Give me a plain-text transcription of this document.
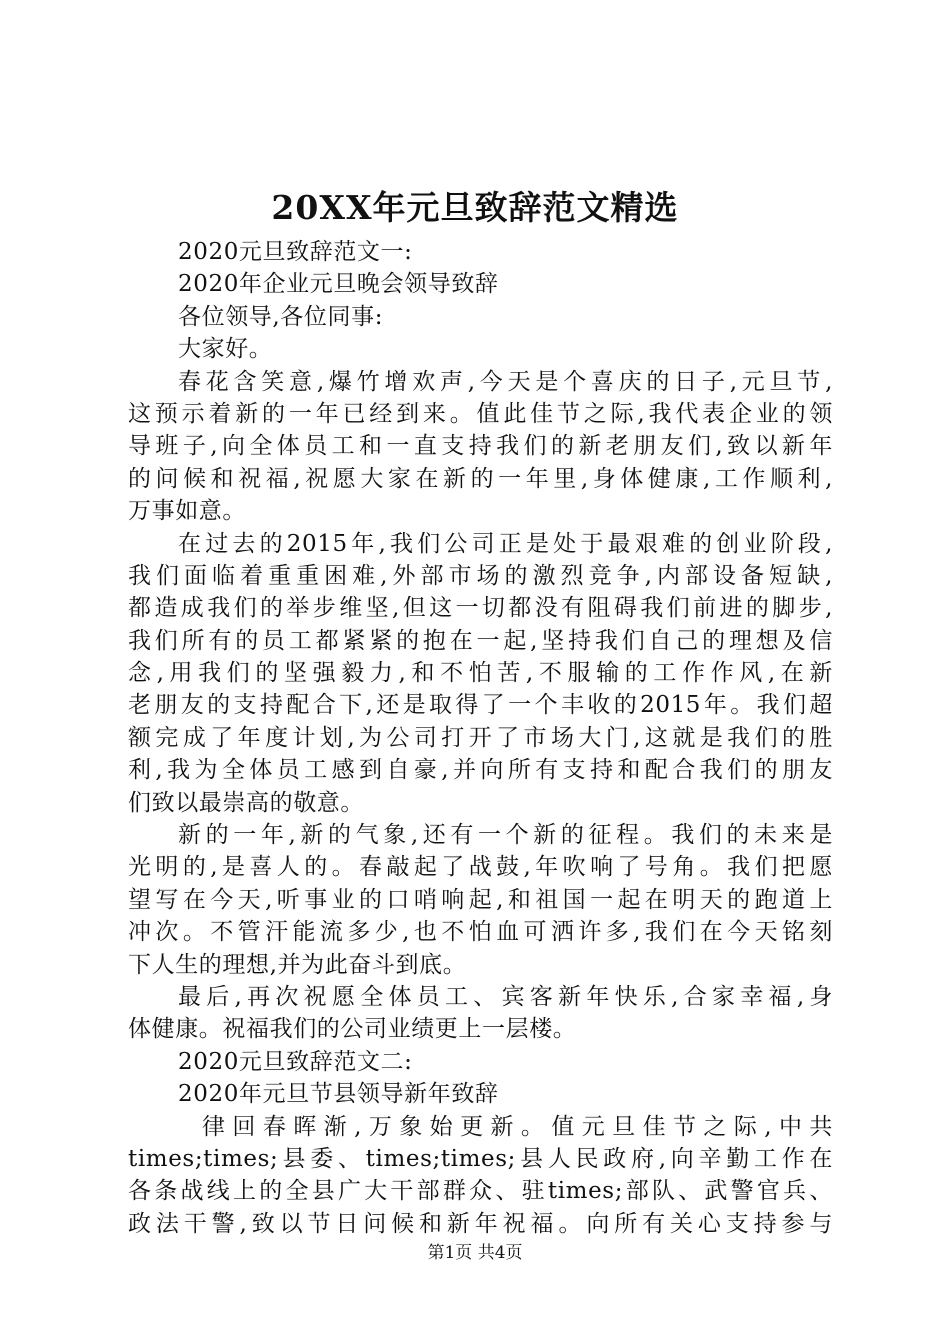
20XX年元旦致辞范文精选
2020元旦致辞范文一:
2020年企业元旦晚会领导致辞
各位领导,各位同事:
大家好。
春花含笑意,爆竹增欢声,今天是个喜庆的日子,元旦节,
这预示着新的一年已经到来。值此佳节之际,我代表企业的领
导班子,向全体员工和一直支持我们的新老朋友们,致以新年
的问候和祝福,祝愿大家在新的一年里,身体健康,工作顺利,
万事如意。
在过去的2015年,我们公司正是处于最艰难的创业阶段,
我们面临着重重困难,外部市场的激烈竞争,内部设备短缺,
都造成我们的举步维坚,但这一切都没有阻碍我们前进的脚步,
我们所有的员工都紧紧的抱在一起,坚持我们自己的理想及信
念,用我们的坚强毅力,和不怕苦,不服输的工作作风,在新
老朋友的支持配合下,还是取得了一个丰收的2015年。我们超
额完成了年度计划,为公司打开了市场大门,这就是我们的胜
利,我为全体员工感到自豪,并向所有支持和配合我们的朋友
们致以最崇高的敬意。
新的一年,新的气象,还有一个新的征程。我们的未来是
光明的,是喜人的。春敲起了战鼓,年吹响了号角。我们把愿
望写在今天,听事业的口哨响起,和祖国一起在明天的跑道上
冲次。不管汗能流多少,也不怕血可洒许多,我们在今天铭刻
下人生的理想,并为此奋斗到底。
最后,再次祝愿全体员工、宾客新年快乐,合家幸福,身
体健康。祝福我们的公司业绩更上一层楼。
2020元旦致辞范文二:
2020年元旦节县领导新年致辞
律回春晖渐,万象始更新。值元旦佳节之际,中共
times;times;县委、times;times;县人民政府,向辛勤工作在
各条战线上的全县广大干部群众、驻times;部队、武警官兵、
政法干警,致以节日问候和新年祝福。向所有关心支持参与
第1页 共4页
